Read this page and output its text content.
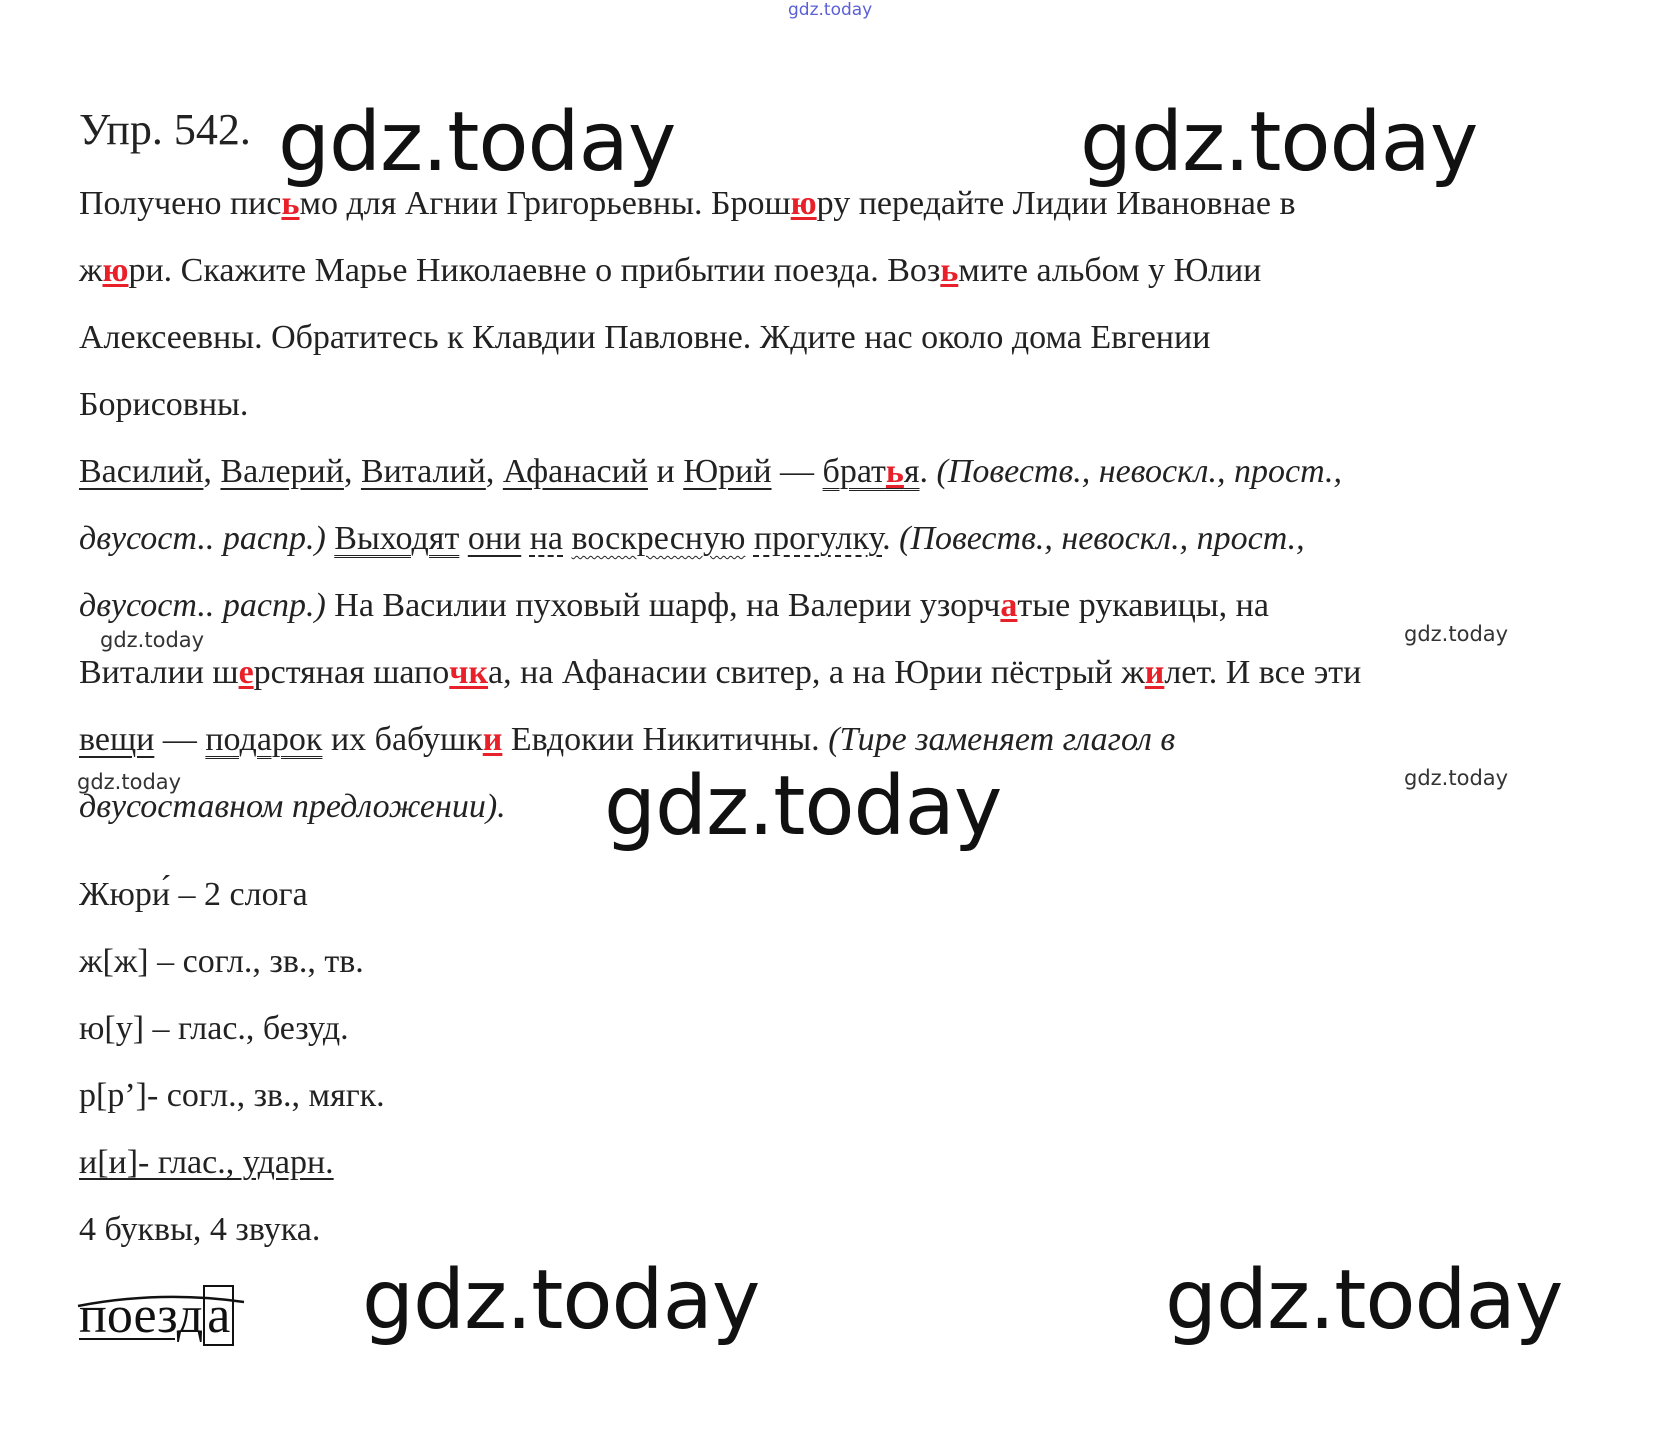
gdz.today
Упр. 542.
Получено письмо для Агнии Григорьевны. Брошюру передайте Лидии Ивановнае в
жюри. Скажите Марье Николаевне о прибытии поезда. Возьмите альбом у Юлии
Алексеевны. Обратитесь к Клавдии Павловне. Ждите нас около дома Евгении
Борисовны.
Василий, Валерий, Виталий, Афанасий и Юрий — братья. (Повеств., невоскл., прост.,
двусост.. распр.) Выходят они на воскресную прогулку. (Повеств., невоскл., прост.,
двусост.. распр.) На Василии пуховый шарф, на Валерии узорчатые рукавицы, на
Виталии шерстяная шапочка, на Афанасии свитер, а на Юрии пёстрый жилет. И все эти
вещи — подарок их бабушки Евдокии Никитичны. (Тире заменяет глагол в
двусоставном предложении).
Жюри́ – 2 слога
ж[ж] – согл., зв., тв.
ю[у] – глас., безуд.
р[р’]- согл., зв., мягк.
и[и]- глас., ударн.
4 буквы, 4 звука.
поезда
gdz.today	gdz.today
gdz.today
gdz.today	gdz.today
gdz.today	gdz.today
gdz.today	gdz.today
